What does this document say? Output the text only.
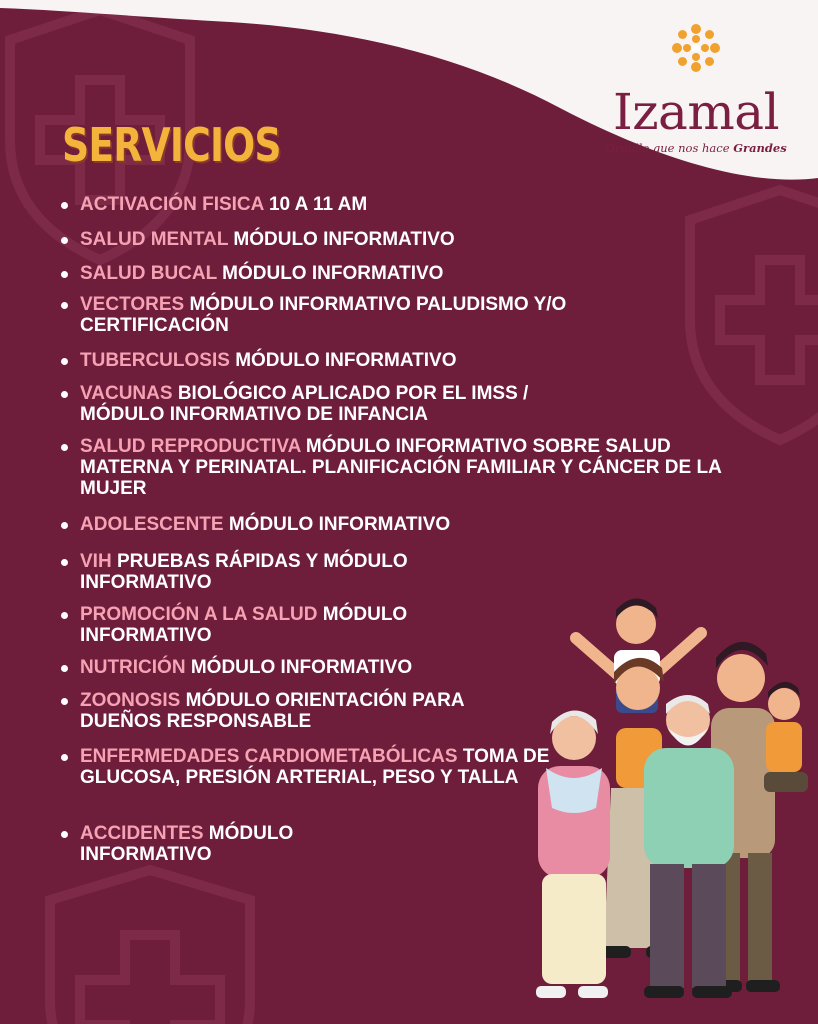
Izamal
Orgullo que nos hace Grandes
SERVICIOS
ACTIVACIÓN FISICA 10 A 11 AM
SALUD MENTAL MÓDULO INFORMATIVO
SALUD BUCAL MÓDULO INFORMATIVO
VECTORES MÓDULO INFORMATIVO PALUDISMO Y/O CERTIFICACIÓN
TUBERCULOSIS MÓDULO INFORMATIVO
VACUNAS BIOLÓGICO APLICADO POR EL IMSS / MÓDULO INFORMATIVO DE INFANCIA
SALUD REPRODUCTIVA MÓDULO INFORMATIVO SOBRE SALUD MATERNA Y PERINATAL. PLANIFICACIÓN FAMILIAR Y CÁNCER DE LA MUJER
ADOLESCENTE MÓDULO INFORMATIVO
VIH PRUEBAS RÁPIDAS Y MÓDULO INFORMATIVO
PROMOCIÓN A LA SALUD MÓDULO INFORMATIVO
NUTRICIÓN MÓDULO INFORMATIVO
ZOONOSIS MÓDULO ORIENTACIÓN PARA DUEÑOS RESPONSABLE
ENFERMEDADES CARDIOMETABÓLICAS TOMA DE GLUCOSA, PRESIÓN ARTERIAL, PESO Y TALLA
ACCIDENTES MÓDULO INFORMATIVO
